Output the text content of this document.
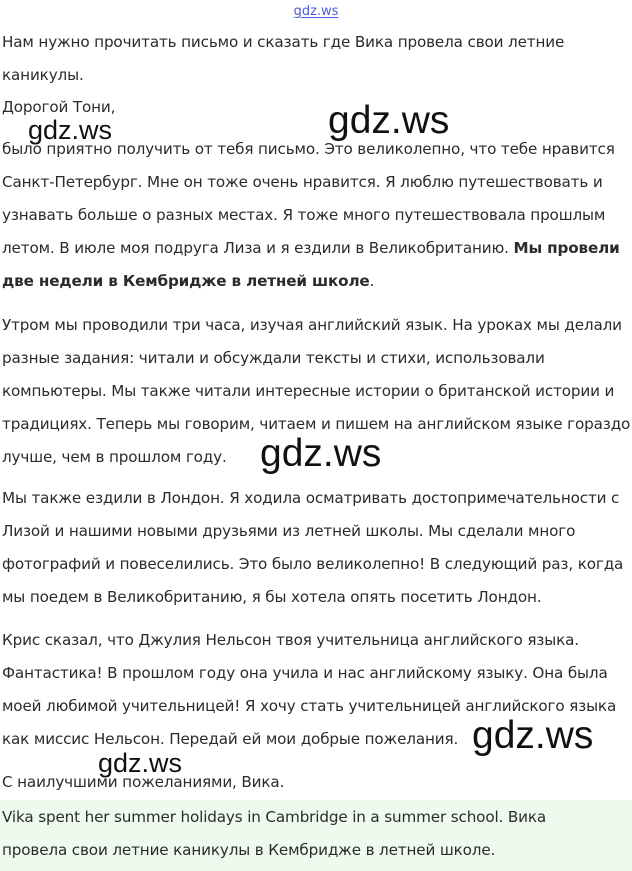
gdz.ws
Нам нужно прочитать письмо и сказать где Вика провела свои летние
каникулы.
Дорогой Тони,
было приятно получить от тебя письмо. Это великолепно, что тебе нравится
Санкт-Петербург. Мне он тоже очень нравится. Я люблю путешествовать и
узнавать больше о разных местах. Я тоже много путешествовала прошлым
летом. В июле моя подруга Лиза и я ездили в Великобританию. Мы провели
две недели в Кембридже в летней школе.
Утром мы проводили три часа, изучая английский язык. На уроках мы делали
разные задания: читали и обсуждали тексты и стихи, использовали
компьютеры. Мы также читали интересные истории о британской истории и
традициях. Теперь мы говорим, читаем и пишем на английском языке гораздо
лучше, чем в прошлом году.
Мы также ездили в Лондон. Я ходила осматривать достопримечательности с
Лизой и нашими новыми друзьями из летней школы. Мы сделали много
фотографий и повеселились. Это было великолепно! В следующий раз, когда
мы поедем в Великобританию, я бы хотела опять посетить Лондон.
Крис сказал, что Джулия Нельсон твоя учительница английского языка.
Фантастика! В прошлом году она учила и нас английскому языку. Она была
моей любимой учительницей! Я хочу стать учительницей английского языка
как миссис Нельсон. Передай ей мои добрые пожелания.
С наилучшими пожеланиями, Вика.
Vika spent her summer holidays in Cambridge in a summer school. Вика
провела свои летние каникулы в Кембридже в летней школе.
gdz.ws	gdz.ws
gdz.ws
gdz.ws
gdz.ws
